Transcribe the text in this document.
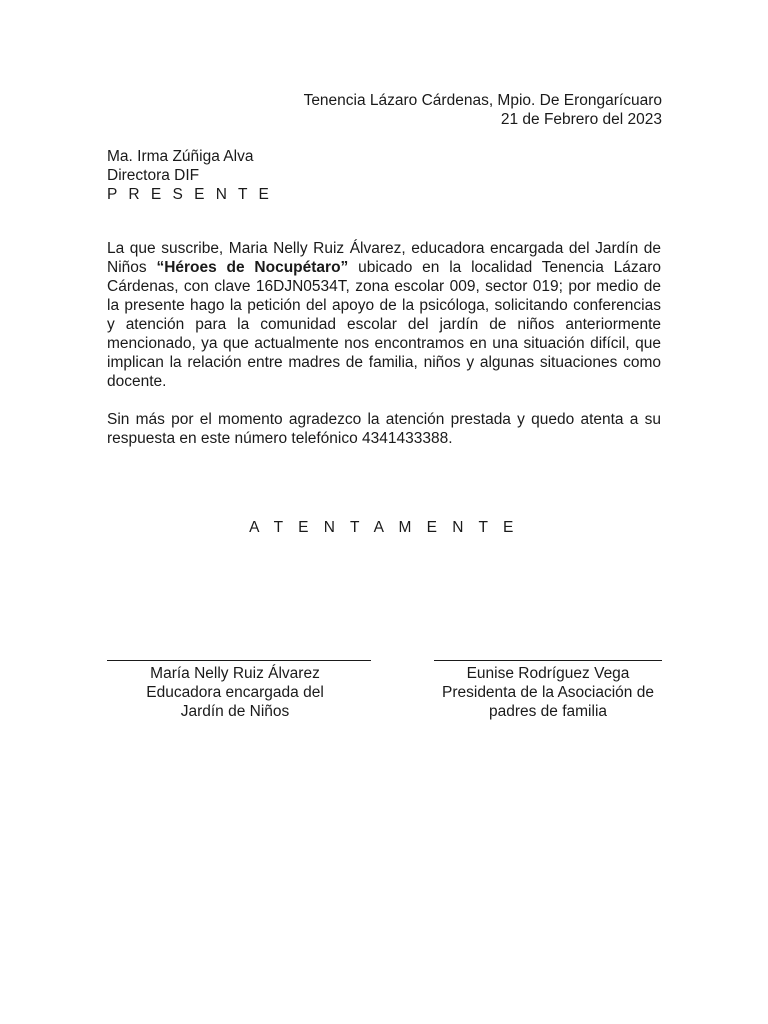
Tenencia Lázaro Cárdenas, Mpio. De Erongarícuaro
21 de Febrero del 2023
Ma. Irma Zúñiga Alva
Directora DIF
P R E S E N T E

La que suscribe, Maria Nelly Ruiz Álvarez, educadora encargada del Jardín de Niños “Héroes de Nocupétaro” ubicado en la localidad Tenencia Lázaro Cárdenas, con clave 16DJN0534T, zona escolar 009, sector 019; por medio de la presente hago la petición del apoyo de la psicóloga, solicitando conferencias y atención para la comunidad escolar del jardín de niños anteriormente mencionado, ya que actualmente nos encontramos en una situación difícil, que implican la relación entre madres de familia, niños y algunas situaciones como docente.

Sin más por el momento agradezco la atención prestada y quedo atenta a su respuesta en este número telefónico 4341433388.

A T E N T A M E N T E
María Nelly Ruiz Álvarez
Educadora encargada del
Jardín de Niños
Eunise Rodríguez Vega
Presidenta de la Asociación de
padres de familia
